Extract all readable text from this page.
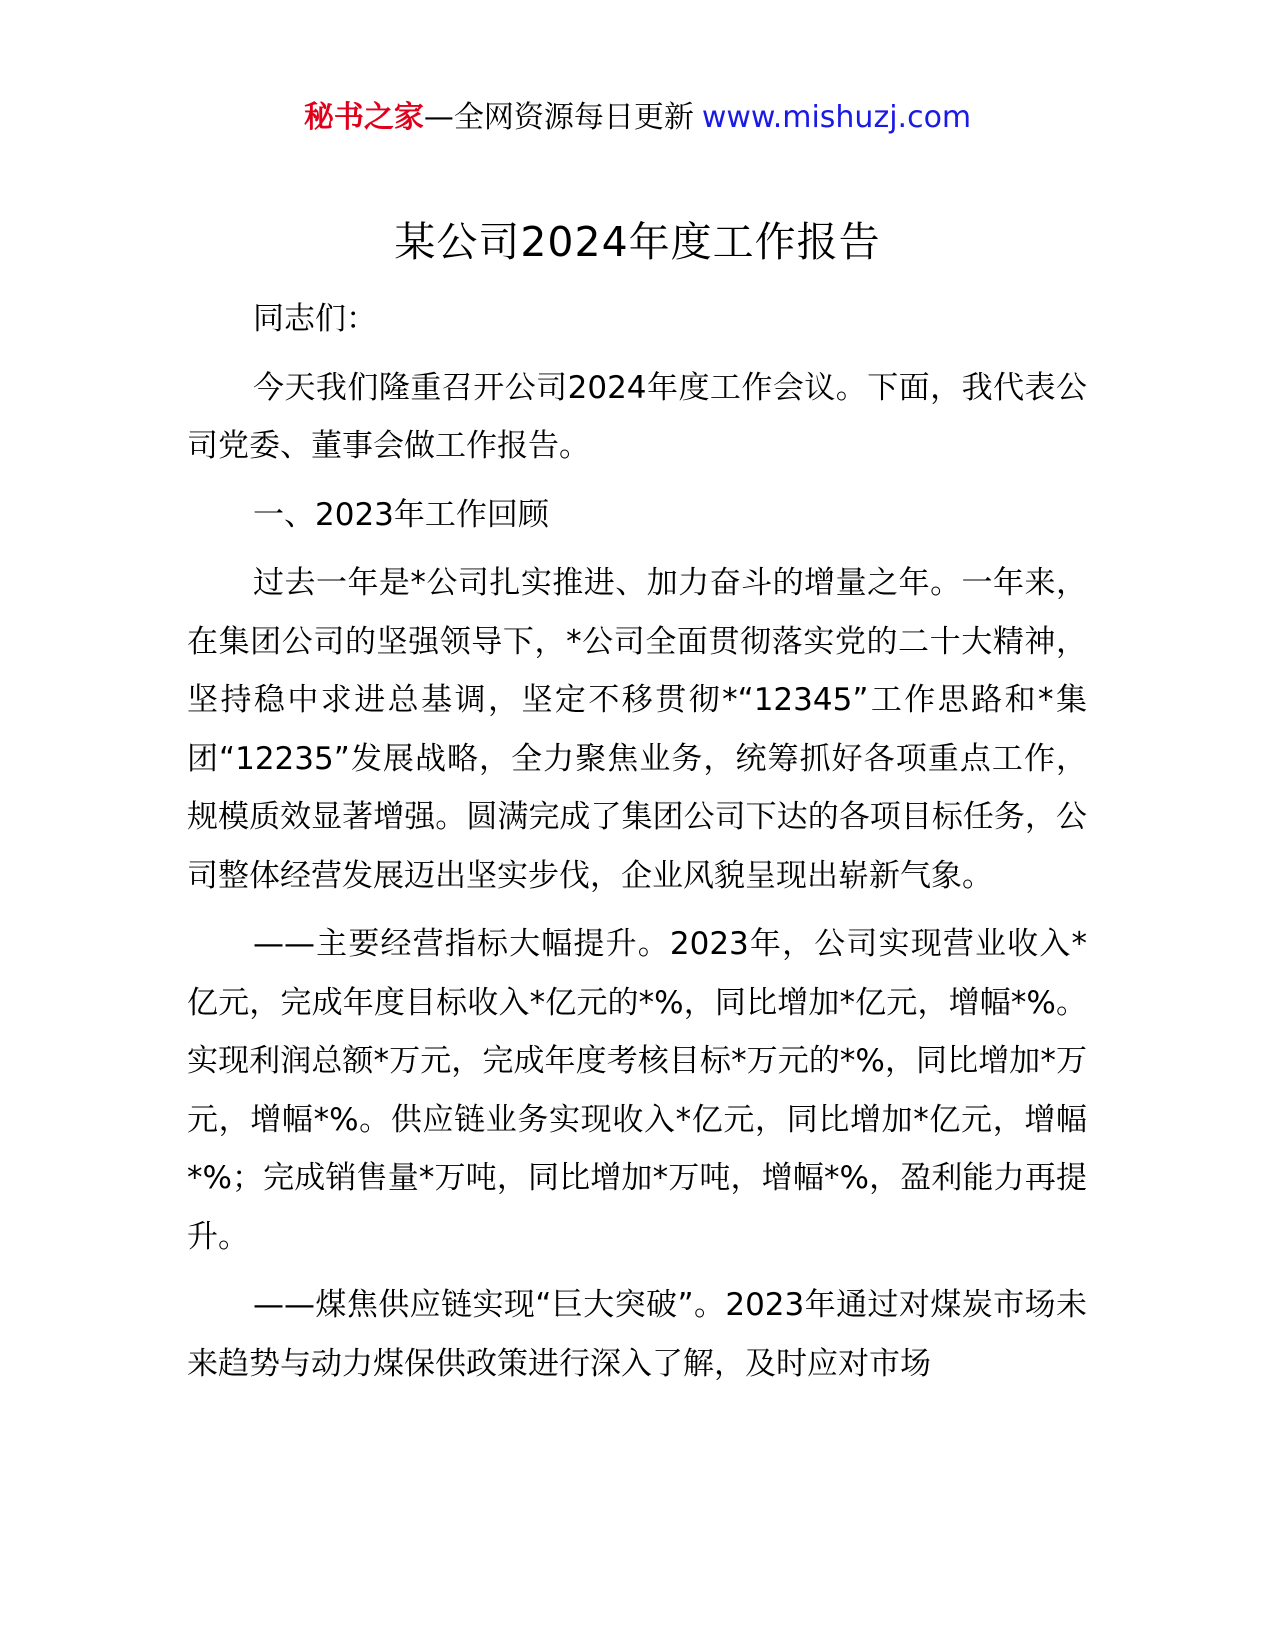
秘书之家—全网资源每日更新 www.mishuzj.com
某公司2024年度工作报告

同志们：

今天我们隆重召开公司2024年度工作会议。下面，我代表公司党委、董事会做工作报告。

一、2023年工作回顾

过去一年是*公司扎实推进、加力奋斗的增量之年。一年来，在集团公司的坚强领导下，*公司全面贯彻落实党的二十大精神，坚持稳中求进总基调，坚定不移贯彻*“12345”工作思路和*集团“12235”发展战略，全力聚焦业务，统筹抓好各项重点工作，规模质效显著增强。圆满完成了集团公司下达的各项目标任务，公司整体经营发展迈出坚实步伐，企业风貌呈现出崭新气象。

——主要经营指标大幅提升。2023年，公司实现营业收入*亿元，完成年度目标收入*亿元的*%，同比增加*亿元，增幅*%。实现利润总额*万元，完成年度考核目标*万元的*%，同比增加*万元，增幅*%。供应链业务实现收入*亿元，同比增加*亿元，增幅*%；完成销售量*万吨，同比增加*万吨，增幅*%，盈利能力再提升。

——煤焦供应链实现“巨大突破”。2023年通过对煤炭市场未来趋势与动力煤保供政策进行深入了解，及时应对市场
